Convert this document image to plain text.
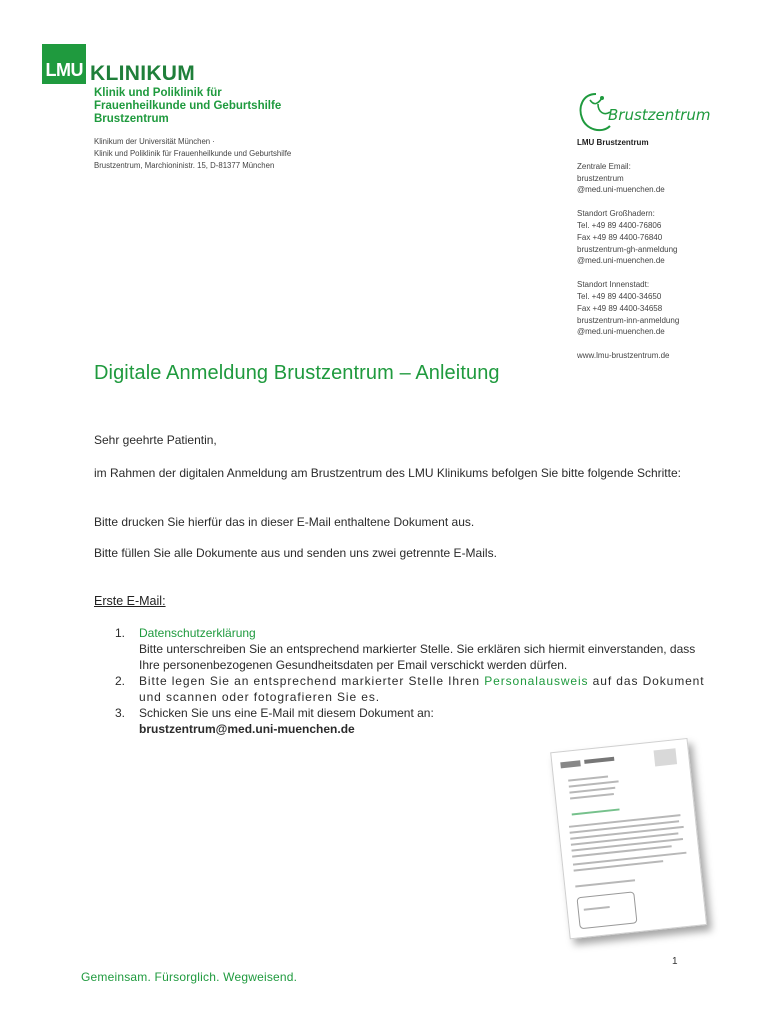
LMU KLINIKUM
Klinik und Poliklinik für
Frauenheilkunde und Geburtshilfe
Brustzentrum
Klinikum der Universität München ·
Klinik und Poliklinik für Frauenheilkunde und Geburtshilfe
Brustzentrum, Marchioninistr. 15, D-81377 München
Brustzentrum

LMU Brustzentrum

Zentrale Email:

brustzentrum

@med.uni-muenchen.de

Standort Großhadern:

Tel. +49 89 4400-76806

Fax +49 89 4400-76840

brustzentrum-gh-anmeldung

@med.uni-muenchen.de

Standort Innenstadt:

Tel. +49 89 4400-34650

Fax +49 89 4400-34658

brustzentrum-inn-anmeldung

@med.uni-muenchen.de

www.lmu-brustzentrum.de

Digitale Anmeldung Brustzentrum – Anleitung
Sehr geehrte Patientin,
im Rahmen der digitalen Anmeldung am Brustzentrum des LMU Klinikums befolgen Sie bitte folgende Schritte:
Bitte drucken Sie hierfür das in dieser E-Mail enthaltene Dokument aus.
Bitte füllen Sie alle Dokumente aus und senden uns zwei getrennte E-Mails.
Erste E-Mail:
1.	Datenschutzerklärung
Bitte unterschreiben Sie an entsprechend markierter Stelle. Sie erklären sich hiermit einverstanden, dass Ihre personenbezogenen Gesundheitsdaten per Email verschickt werden dürfen.
2.	Bitte legen Sie an entsprechend markierter Stelle Ihren Personalausweis auf das Dokument und scannen oder fotografieren Sie es.
3.	Schicken Sie uns eine E-Mail mit diesem Dokument an:
brustzentrum@med.uni-muenchen.de
1
Gemeinsam. Fürsorglich. Wegweisend.
